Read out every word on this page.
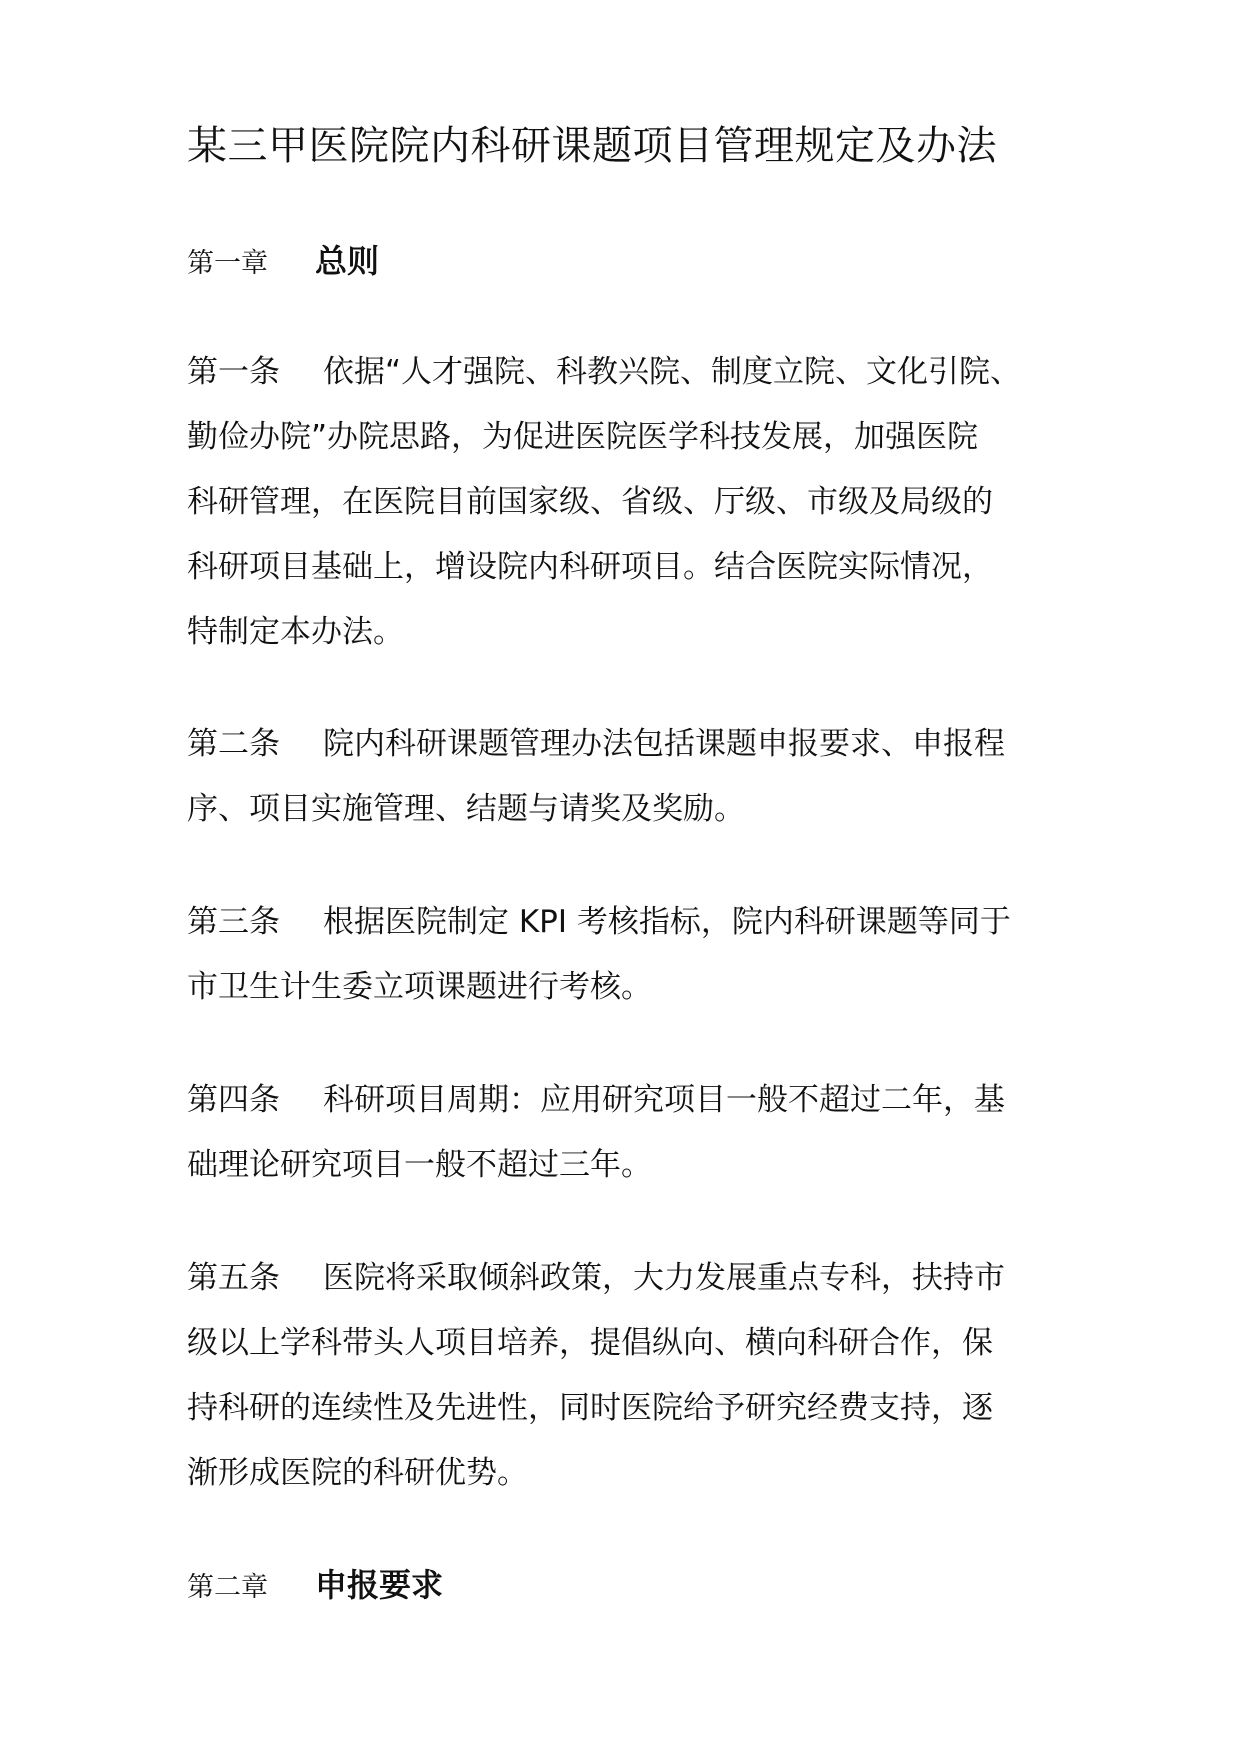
某三甲医院院内科研课题项目管理规定及办法
第一章 总则
第一条 依据“人才强院、科教兴院、制度立院、文化引院、
勤俭办院”办院思路，为促进医院医学科技发展，加强医院
科研管理，在医院目前国家级、省级、厅级、市级及局级的
科研项目基础上，增设院内科研项目。结合医院实际情况，
特制定本办法。
第二条 院内科研课题管理办法包括课题申报要求、申报程
序、项目实施管理、结题与请奖及奖励。
第三条 根据医院制定 KPI 考核指标，院内科研课题等同于
市卫生计生委立项课题进行考核。
第四条 科研项目周期：应用研究项目一般不超过二年，基
础理论研究项目一般不超过三年。
第五条 医院将采取倾斜政策，大力发展重点专科，扶持市
级以上学科带头人项目培养，提倡纵向、横向科研合作，保
持科研的连续性及先进性，同时医院给予研究经费支持，逐
渐形成医院的科研优势。
第二章 申报要求
